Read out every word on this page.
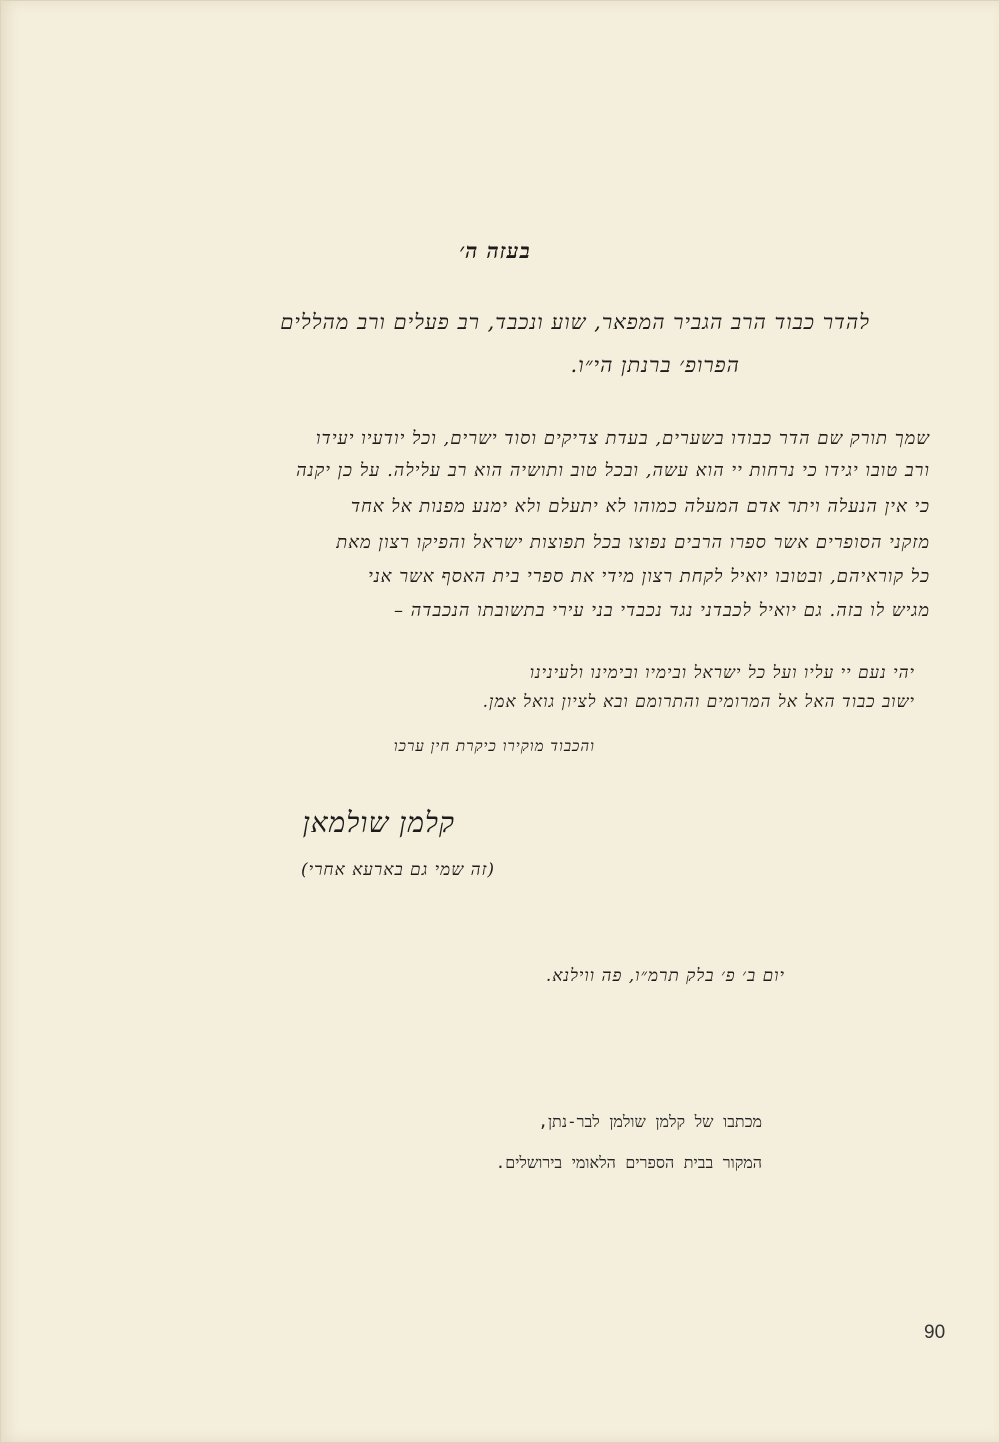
בעזה ה׳
להדר כבוד הרב הגביר המפאר, שוע ונכבד, רב פעלים ורב מהללים
הפרופ׳ ברנתן הי״ו.
שמך תורק שם הדר כבודו בשערים, בעדת צדיקים וסוד ישרים, וכל יודעיו יעידו
ורב טובו יגידו כי נרחות יי הוא עשה, ובכל טוב ותושיה הוא רב עלילה. על כן יקנה
כי אין הנעלה ויתר אדם המעלה כמוהו לא יתעלם ולא ימנע מפנות אל אחד
מזקני הסופרים אשר ספרו הרבים נפוצו בכל תפוצות ישראל והפיקו רצון מאת
כל קוראיהם, ובטובו יואיל לקחת רצון מידי את ספרי בית האסף אשר אני
מגיש לו בזה. גם יואיל לכבדני נגד נכבדי בני עירי בתשובתו הנכבדה –
יהי נעם יי עליו ועל כל ישראל ובימיו ובימינו ולעינינו
ישוב כבוד האל אל המרומים והתרומם ובא לציון גואל אמן.
והכבוד מוקירו כיקרת חין ערכו
קלמן שולמאן
(זה שמי גם בארעא אחרי)
יום ב׳ פ׳ בלק תרמ״ו, פה ווילנא.
מכתבו של קלמן שולמן לבר-נתן,
המקור בבית הספרים הלאומי בירושלים.
90
